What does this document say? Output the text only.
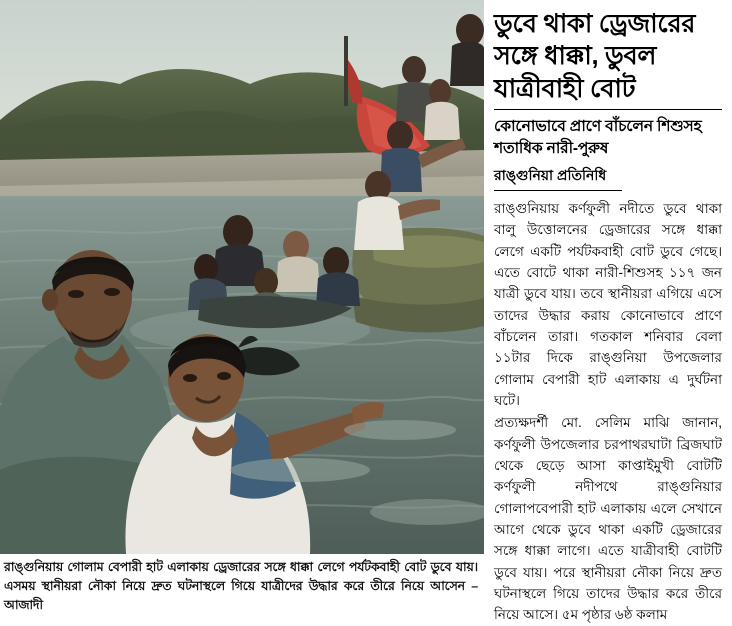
রাঙ্গুনিয়ায় গোলাম বেপারী হাট এলাকায় ড্রেজারের সঙ্গে ধাক্কা লেগে পর্যটকবাহী বোট ডুবে যায়। এসময় স্থানীয়রা নৌকা নিয়ে দ্রুত ঘটনাস্থলে গিয়ে যাত্রীদের উদ্ধার করে তীরে নিয়ে আসেন –আজাদী
ডুবে থাকা ড্রেজারের সঙ্গে ধাক্কা, ডুবল যাত্রীবাহী বোট
কোনোভাবে প্রাণে বাঁচলেন শিশুসহ শতাধিক নারী-পুরুষ
রাঙ্গুনিয়া প্রতিনিধি

রাঙ্গুনিয়ায় কর্ণফুলী নদীতে ডুবে থাকা বালু উত্তোলনের ড্রেজারের সঙ্গে ধাক্কা লেগে একটি পর্যটকবাহী বোট ডুবে গেছে। এতে বোটে থাকা নারী-শিশুসহ ১১৭ জন যাত্রী ডুবে যায়। তবে স্থানীয়রা এগিয়ে এসে তাদের উদ্ধার করায় কোনোভাবে প্রাণে বাঁচলেন তারা। গতকাল শনিবার বেলা ১১টার দিকে রাঙ্গুনিয়া উপজেলার গোলাম বেপারী হাট এলাকায় এ দুর্ঘটনা ঘটে।

প্রত্যক্ষদর্শী মো. সেলিম মাঝি জানান, কর্ণফুলী উপজেলার চরপাথরঘাটা ব্রিজঘাট থেকে ছেড়ে আসা কাপ্তাইমুখী বোটটি কর্ণফুলী নদীপথে রাঙ্গুনিয়ার গোলাপবেপারী হাট এলাকায় এলে সেখানে আগে থেকে ডুবে থাকা একটি ড্রেজারের সঙ্গে ধাক্কা লাগে। এতে যাত্রীবাহী বোটটি ডুবে যায়। পরে স্থানীয়রা নৌকা নিয়ে দ্রুত ঘটনাস্থলে গিয়ে তাদের উদ্ধার করে তীরে নিয়ে আসে। ৫ম পৃষ্ঠার ৬ষ্ঠ কলাম
